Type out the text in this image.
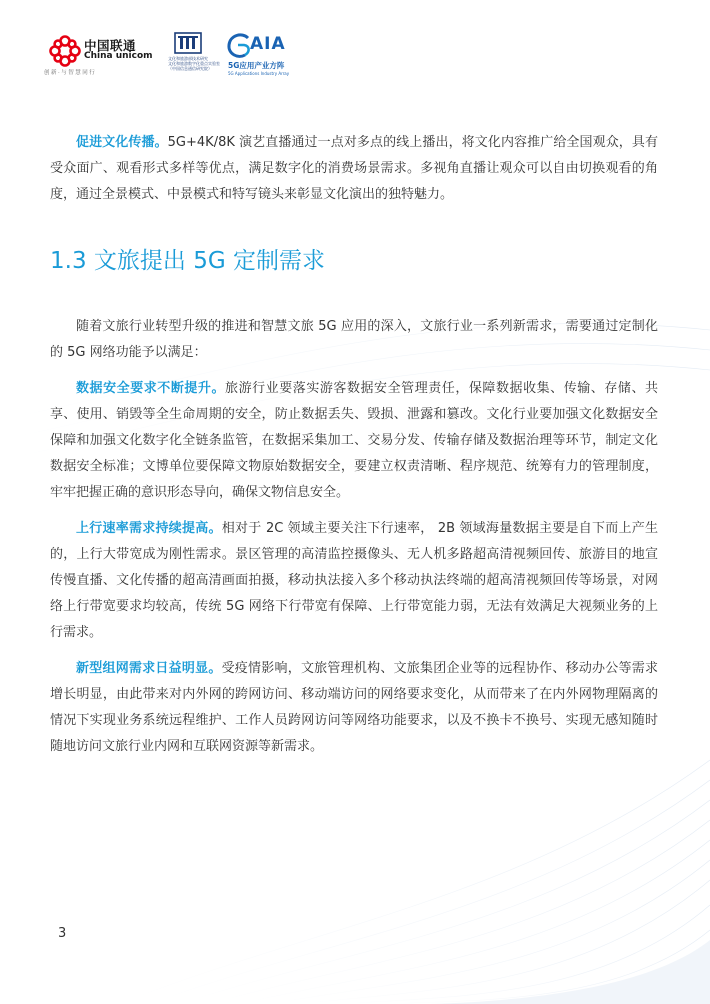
中国联通
China unicom
创新·与智慧同行
文化和旅游部技术研究
文化和旅游数字化重点实验室
（中国信息通信研究院）
AIA
5G应用产业方阵
5G Applications Industry Array

促进文化传播。5G+4K/8K 演艺直播通过一点对多点的线上播出，将文化内容推广给全国观众，具有受众面广、观看形式多样等优点，满足数字化的消费场景需求。多视角直播让观众可以自由切换观看的角度，通过全景模式、中景模式和特写镜头来彰显文化演出的独特魅力。

1.3 文旅提出 5G 定制需求

随着文旅行业转型升级的推进和智慧文旅 5G 应用的深入，文旅行业一系列新需求，需要通过定制化的 5G 网络功能予以满足：

数据安全要求不断提升。旅游行业要落实游客数据安全管理责任，保障数据收集、传输、存储、共享、使用、销毁等全生命周期的安全，防止数据丢失、毁损、泄露和篡改。文化行业要加强文化数据安全保障和加强文化数字化全链条监管，在数据采集加工、交易分发、传输存储及数据治理等环节，制定文化数据安全标准；文博单位要保障文物原始数据安全，要建立权责清晰、程序规范、统筹有力的管理制度，牢牢把握正确的意识形态导向，确保文物信息安全。

上行速率需求持续提高。相对于 2C 领域主要关注下行速率， 2B 领域海量数据主要是自下而上产生的，上行大带宽成为刚性需求。景区管理的高清监控摄像头、无人机多路超高清视频回传、旅游目的地宣传慢直播、文化传播的超高清画面拍摄，移动执法接入多个移动执法终端的超高清视频回传等场景，对网络上行带宽要求均较高，传统 5G 网络下行带宽有保障、上行带宽能力弱，无法有效满足大视频业务的上行需求。

新型组网需求日益明显。受疫情影响，文旅管理机构、文旅集团企业等的远程协作、移动办公等需求增长明显，由此带来对内外网的跨网访问、移动端访问的网络要求变化，从而带来了在内外网物理隔离的情况下实现业务系统远程维护、工作人员跨网访问等网络功能要求，以及不换卡不换号、实现无感知随时随地访问文旅行业内网和互联网资源等新需求。

3
